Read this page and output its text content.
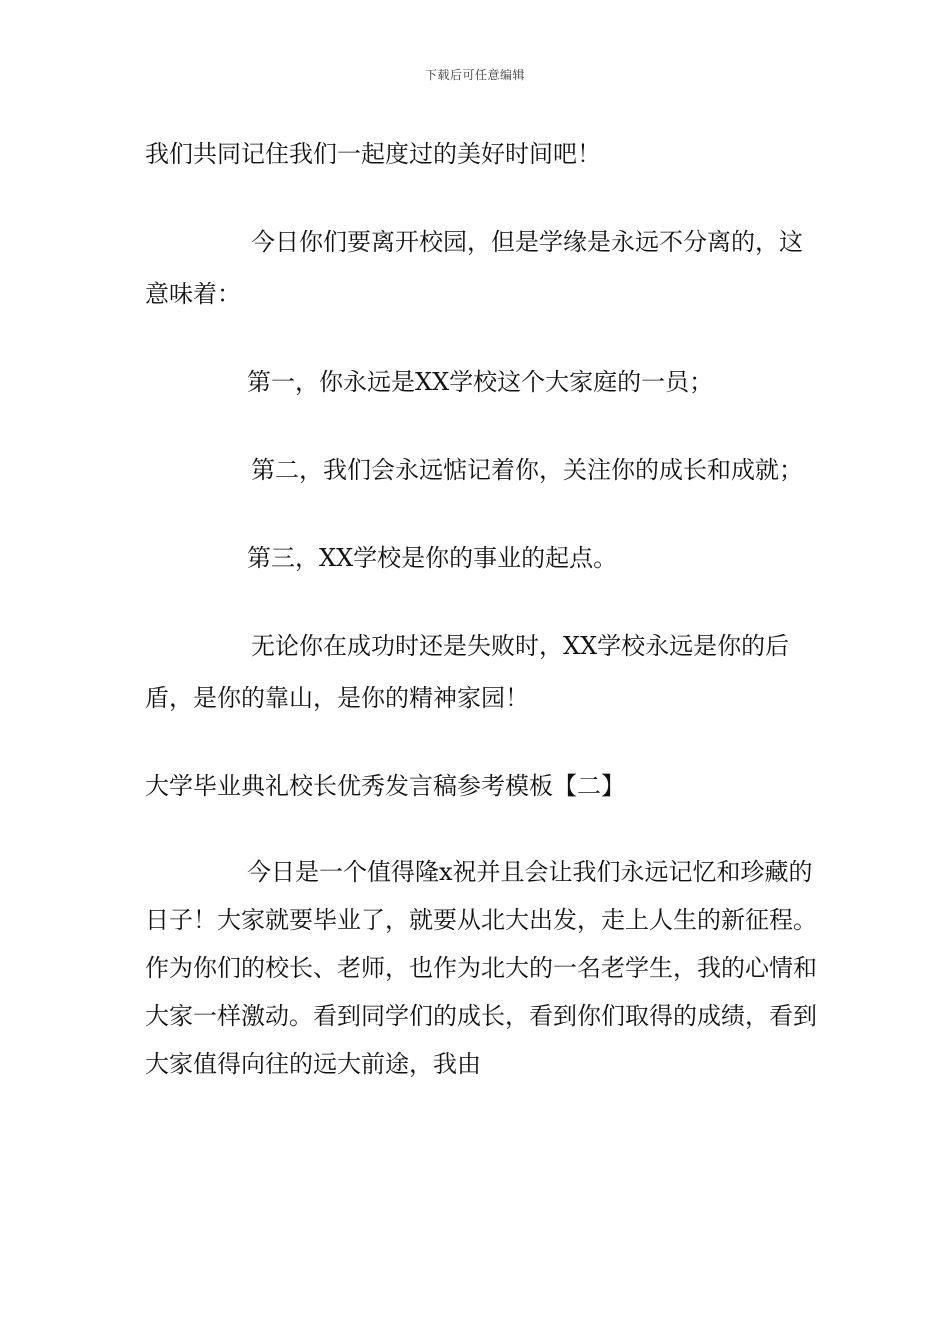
下载后可任意编辑

我们共同记住我们一起度过的美好时间吧！

今日你们要离开校园，但是学缘是永远不分离的，这意味着：

第一，你永远是XX学校这个大家庭的一员；

第二，我们会永远惦记着你，关注你的成长和成就；

第三，XX学校是你的事业的起点。

无论你在成功时还是失败时，XX学校永远是你的后盾，是你的靠山，是你的精神家园！

大学毕业典礼校长优秀发言稿参考模板【二】

今日是一个值得隆x祝并且会让我们永远记忆和珍藏的日子！大家就要毕业了，就要从北大出发，走上人生的新征程。作为你们的校长、老师，也作为北大的一名老学生，我的心情和大家一样激动。看到同学们的成长，看到你们取得的成绩，看到大家值得向往的远大前途，我由
